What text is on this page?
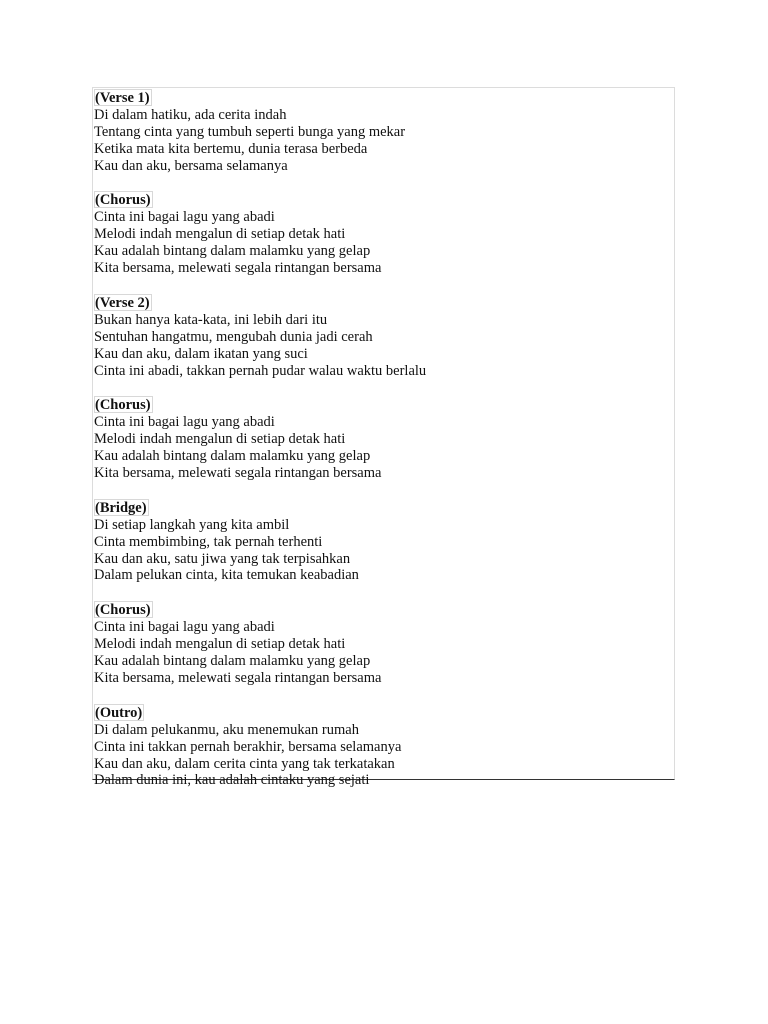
(Verse 1)
Di dalam hatiku, ada cerita indah
Tentang cinta yang tumbuh seperti bunga yang mekar
Ketika mata kita bertemu, dunia terasa berbeda
Kau dan aku, bersama selamanya
(Chorus)
Cinta ini bagai lagu yang abadi
Melodi indah mengalun di setiap detak hati
Kau adalah bintang dalam malamku yang gelap
Kita bersama, melewati segala rintangan bersama
(Verse 2)
Bukan hanya kata-kata, ini lebih dari itu
Sentuhan hangatmu, mengubah dunia jadi cerah
Kau dan aku, dalam ikatan yang suci
Cinta ini abadi, takkan pernah pudar walau waktu berlalu
(Chorus)
Cinta ini bagai lagu yang abadi
Melodi indah mengalun di setiap detak hati
Kau adalah bintang dalam malamku yang gelap
Kita bersama, melewati segala rintangan bersama
(Bridge)
Di setiap langkah yang kita ambil
Cinta membimbing, tak pernah terhenti
Kau dan aku, satu jiwa yang tak terpisahkan
Dalam pelukan cinta, kita temukan keabadian
(Chorus)
Cinta ini bagai lagu yang abadi
Melodi indah mengalun di setiap detak hati
Kau adalah bintang dalam malamku yang gelap
Kita bersama, melewati segala rintangan bersama
(Outro)
Di dalam pelukanmu, aku menemukan rumah
Cinta ini takkan pernah berakhir, bersama selamanya
Kau dan aku, dalam cerita cinta yang tak terkatakan
Dalam dunia ini, kau adalah cintaku yang sejati
